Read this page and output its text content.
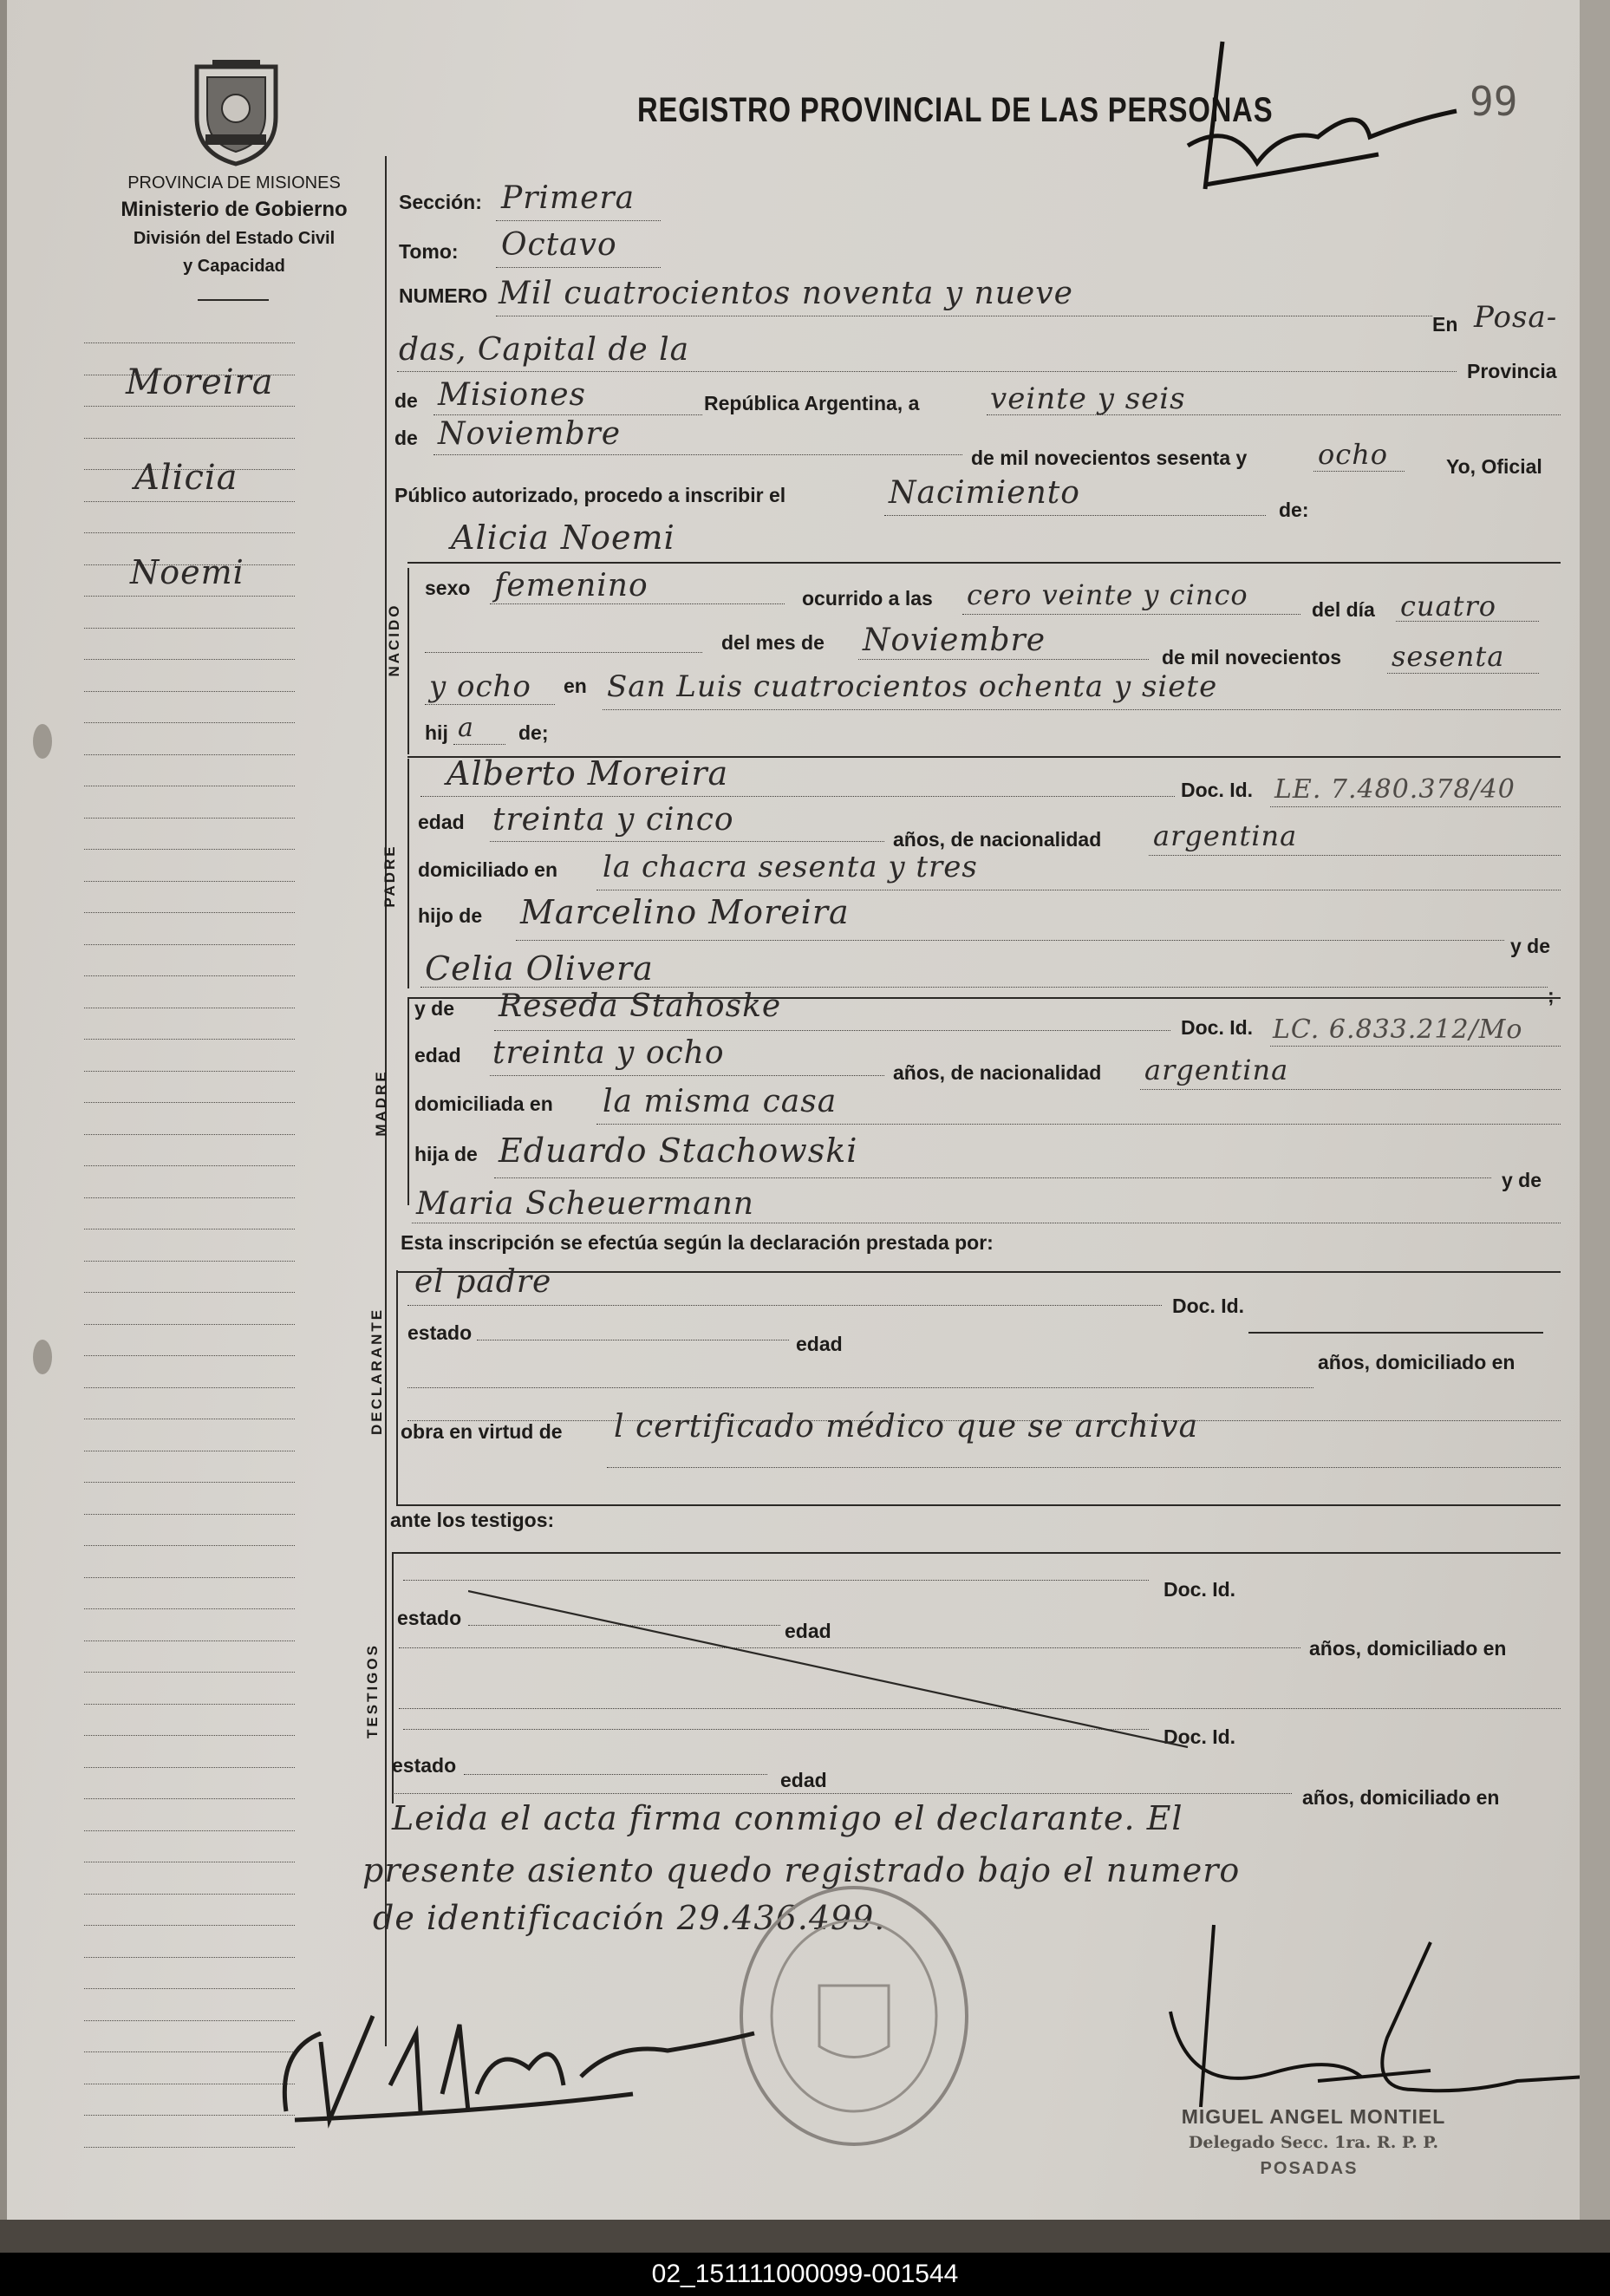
PROVINCIA DE MISIONES
Ministerio de Gobierno
División del Estado Civil
y Capacidad
Moreira
Alicia
Noemi
REGISTRO PROVINCIAL DE LAS PERSONAS	99
Sección: Primera
Tomo: Octavo
NUMERO Mil cuatrocientos noventa y nueve
En Posa-
das, Capital de la
Provincia
de Misiones	República Argentina, a veinte y seis
de Noviembre
de mil novecientos sesenta y	ocho	Yo, Oficial
Público autorizado, procedo a inscribir el	Nacimiento	de:
Alicia Noemi
NACIDO
sexo femenino	ocurrido a las cero veinte y cinco	del día cuatro
del mes de Noviembre	de mil novecientos sesenta
y ocho en San Luis cuatrocientos ochenta y siete
hij a de;
PADRE
Alberto Moreira	Doc. Id. LE. 7.480.378/40
edad treinta y cinco
años, de nacionalidad argentina
domiciliado en la chacra sesenta y tres
hijo de Marcelino Moreira
y de
Celia Olivera
;
MADRE
y de Reseda Stahoske
Doc. Id. LC. 6.833.212/Mo
edad treinta y ocho
años, de nacionalidad argentina
domiciliada en la misma casa
hija de Eduardo Stachowski
y de
Maria Scheuermann
Esta inscripción se efectúa según la declaración prestada por:
DECLARANTE
el padre
Doc. Id.
estado	edad
años, domiciliado en
obra en virtud de l certificado médico que se archiva
ante los testigos:
TESTIGOS
Doc. Id.
estado
edad
años, domiciliado en
Doc. Id.
estado
edad
años, domiciliado en
Leida el acta firma conmigo el declarante. El
presente asiento quedo registrado bajo el numero
de identificación 29.436.499.
MIGUEL ANGEL MONTIEL
Delegado Secc. 1ra. R. P. P.
POSADAS
02_151111000099-001544
